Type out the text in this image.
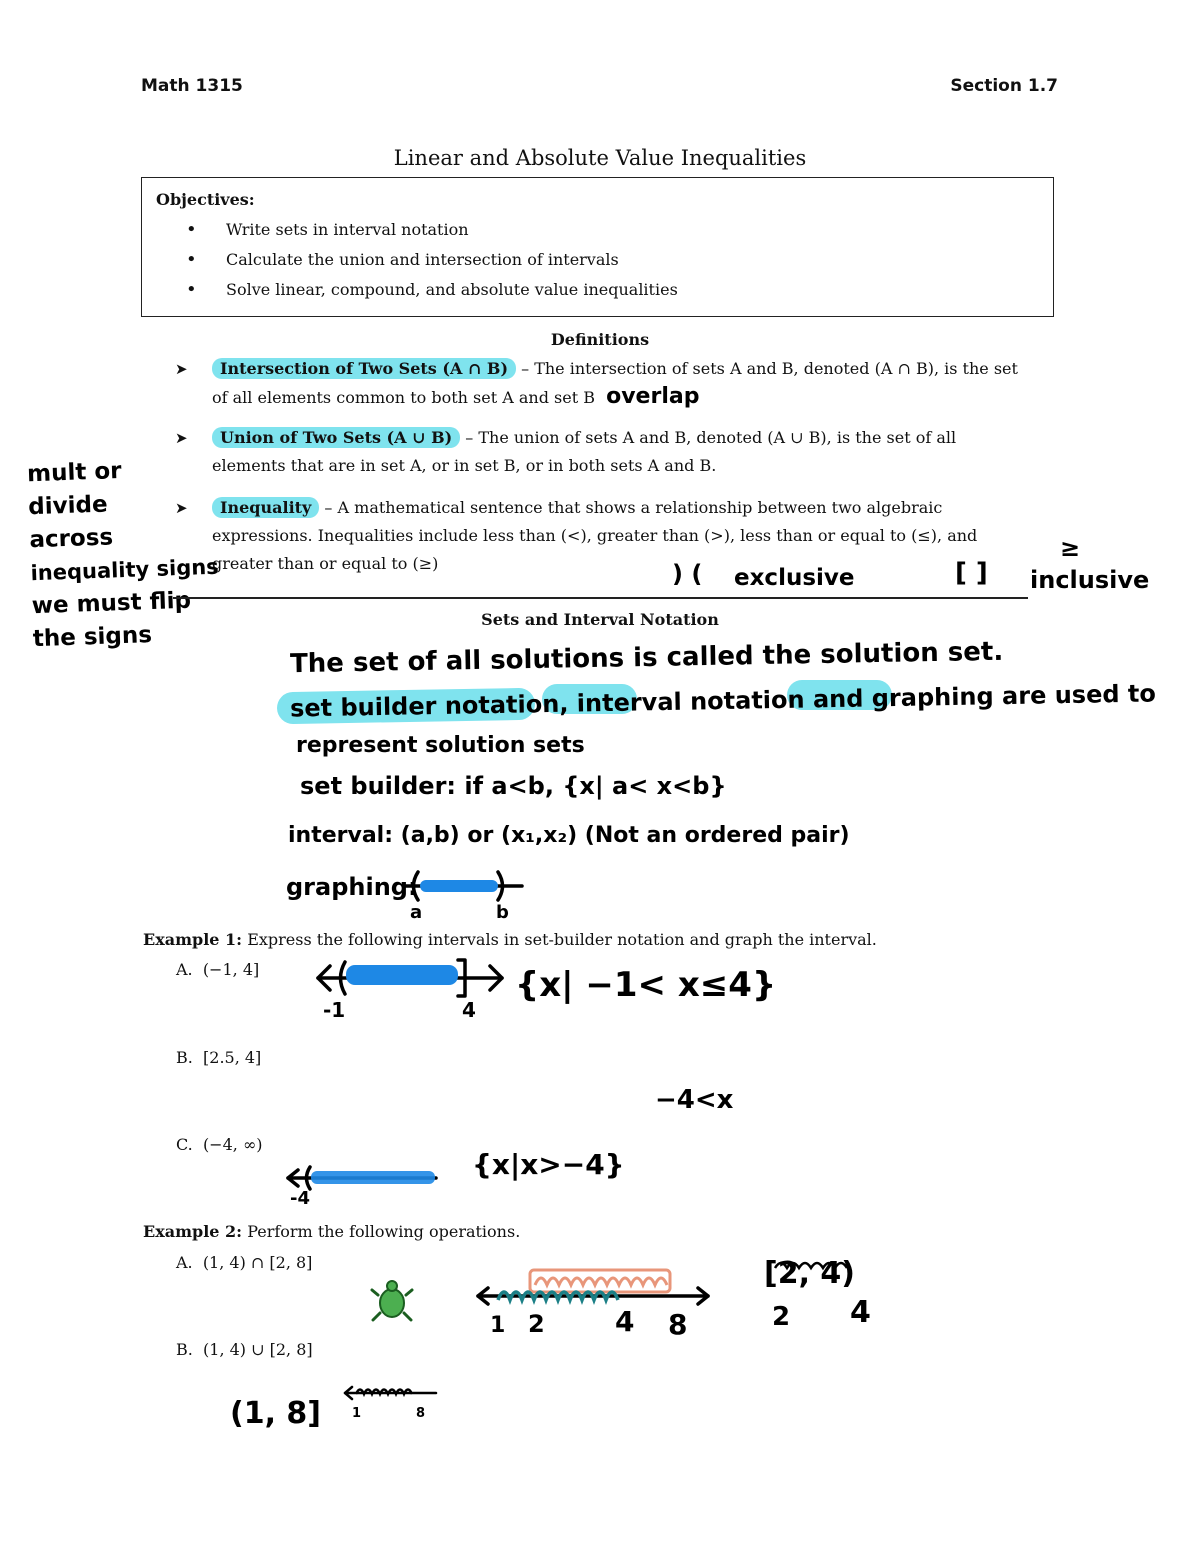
Math 1315	Section 1.7
Linear and Absolute Value Inequalities
Objectives:
• Write sets in interval notation
• Calculate the union and intersection of intervals
• Solve linear, compound, and absolute value inequalities
Definitions
➤	Intersection of Two Sets (A ∩ B) – The intersection of sets A and B, denoted (A ∩ B), is the set
of all elements common to both set A and set B overlap
➤	Union of Two Sets (A ∪ B) – The union of sets A and B, denoted (A ∪ B), is the set of all
elements that are in set A, or in set B, or in both sets A and B.
➤	Inequality – A mathematical sentence that shows a relationship between two algebraic
expressions. Inequalities include less than (<), greater than (>), less than or equal to (≤), and
greater than or equal to (≥)
mult or
divide
across
inequality signs
we must flip
the signs
) ( exclusive	[ ]
≥
inclusive
Sets and Interval Notation
The set of all solutions is called the solution set.
set builder notation, interval notation and graphing are used to
represent solution sets
set builder: if a<b, {x| a< x<b}
interval: (a,b) or (x₁,x₂) (Not an ordered pair)
graphing:
a	b
Example 1: Express the following intervals in set-builder notation and graph the interval.
A. (−1, 4]
-1	4
{x| −1< x≤4}
B. [2.5, 4]
−4<x
C. (−4, ∞)
-4
{x|x>−4}
Example 2: Perform the following operations.
A. (1, 4) ∩ [2, 8]
1 2	4 8
[2, 4)
2 4
B. (1, 4) ∪ [2, 8]
(1, 8] 1	8
